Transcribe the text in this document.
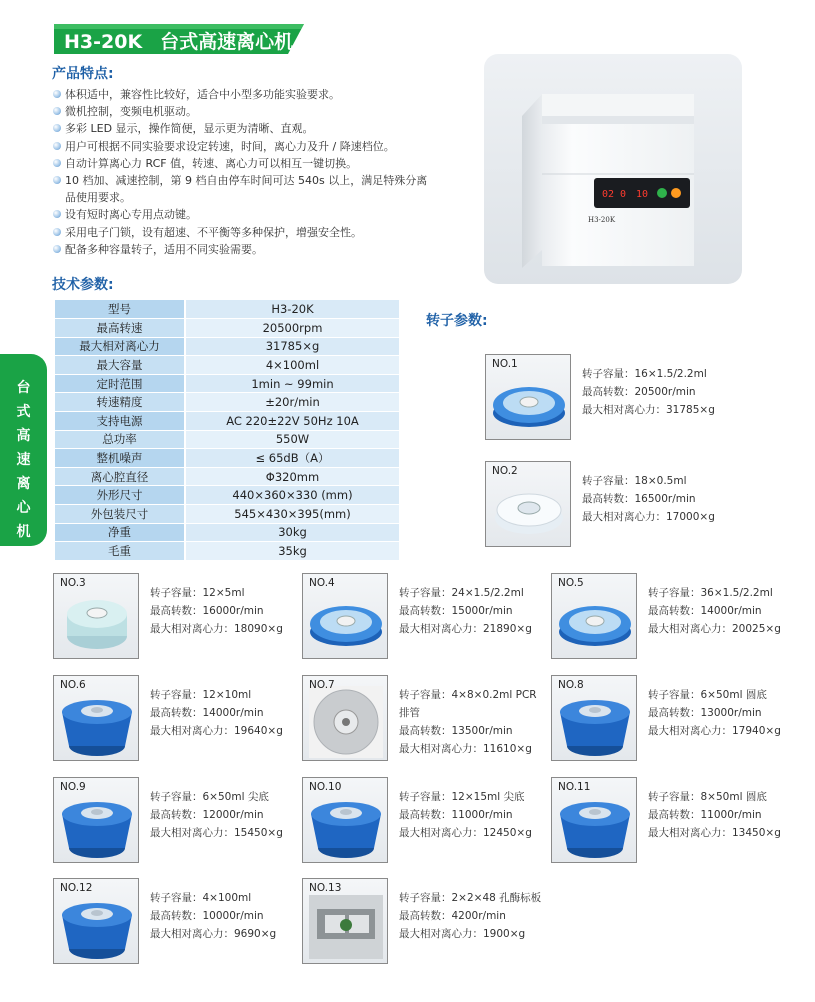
H3-20K 台式高速离心机
产品特点:
体积适中，兼容性比较好，适合中小型多功能实验要求。
微机控制，变频电机驱动。
多彩 LED 显示，操作简便，显示更为清晰、直观。
用户可根据不同实验要求设定转速，时间，离心力及升 / 降速档位。
自动计算离心力 RCF 值，转速、离心力可以相互一键切换。
10 档加、减速控制，第 9 档自由停车时间可达 540s 以上，满足特殊分离品使用要求。
设有短时离心专用点动键。
采用电子门锁，设有超速、不平衡等多种保护，增强安全性。
配备多种容量转子，适用不同实验需要。
02 0 10
H3-20K
技术参数:
型号	H3-20K
最高转速	20500rpm
最大相对离心力	31785×g
最大容量	4×100ml
定时范围	1min ~ 99min
转速精度	±20r/min
支持电源	AC 220±22V 50Hz 10A
总功率	550W
整机噪声	≤ 65dB（A）
离心腔直径	Φ320mm
外形尺寸	440×360×330 (mm)
外包装尺寸	545×430×395(mm)
净重	30kg
毛重	35kg
台
式
高
速
离
心
机
转子参数:
NO.1
转子容量：16×1.5/2.2ml
最高转数：20500r/min
最大相对离心力：31785×g
NO.2
转子容量：18×0.5ml
最高转数：16500r/min
最大相对离心力：17000×g
NO.3
转子容量：12×5ml
最高转数：16000r/min
最大相对离心力：18090×g
NO.4
转子容量：24×1.5/2.2ml
最高转数：15000r/min
最大相对离心力：21890×g
NO.5
转子容量：36×1.5/2.2ml
最高转数：14000r/min
最大相对离心力：20025×g
NO.6
转子容量：12×10ml
最高转数：14000r/min
最大相对离心力：19640×g
NO.7
转子容量：4×8×0.2ml PCR
排管
最高转数：13500r/min
最大相对离心力：11610×g
NO.8
转子容量：6×50ml 圆底
最高转数：13000r/min
最大相对离心力：17940×g
NO.9
转子容量：6×50ml 尖底
最高转数：12000r/min
最大相对离心力：15450×g
NO.10
转子容量：12×15ml 尖底
最高转数：11000r/min
最大相对离心力：12450×g
NO.11
转子容量：8×50ml 圆底
最高转数：11000r/min
最大相对离心力：13450×g
NO.12
转子容量：4×100ml
最高转数：10000r/min
最大相对离心力：9690×g
NO.13
转子容量：2×2×48 孔酶标板
最高转数：4200r/min
最大相对离心力：1900×g
